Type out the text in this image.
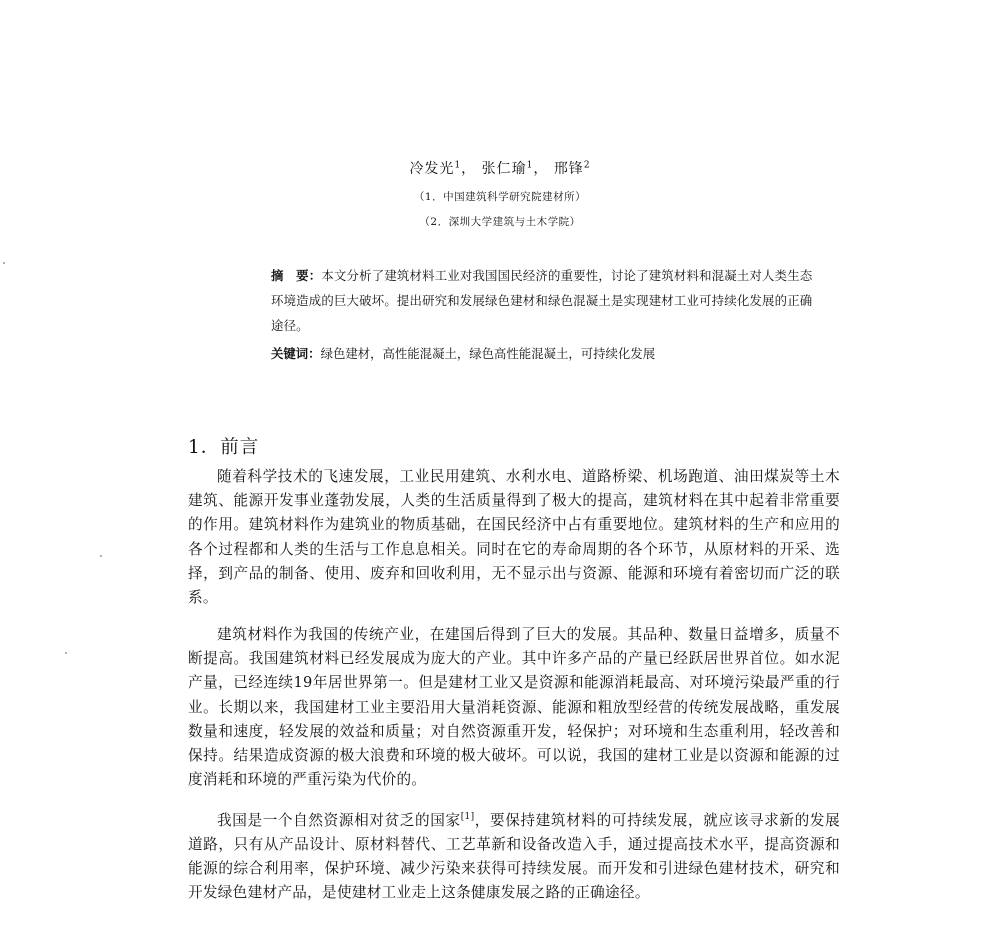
冷发光$^1$， 张仁瑜$^1$， 邢锋$^2$
（1．中国建筑科学研究院建材所）
（2．深圳大学建筑与土木学院）
摘　要：本文分析了建筑材料工业对我国国民经济的重要性，讨论了建筑材料和混凝土对人类生态环境造成的巨大破坏。提出研究和发展绿色建材和绿色混凝土是实现建材工业可持续化发展的正确途径。
关键词：绿色建材，高性能混凝土，绿色高性能混凝土，可持续化发展
1．前言

随着科学技术的飞速发展，工业民用建筑、水利水电、道路桥梁、机场跑道、油田煤炭等土木建筑、能源开发事业蓬勃发展，人类的生活质量得到了极大的提高，建筑材料在其中起着非常重要的作用。建筑材料作为建筑业的物质基础，在国民经济中占有重要地位。建筑材料的生产和应用的各个过程都和人类的生活与工作息息相关。同时在它的寿命周期的各个环节，从原材料的开采、选择，到产品的制备、使用、废弃和回收利用，无不显示出与资源、能源和环境有着密切而广泛的联系。

建筑材料作为我国的传统产业，在建国后得到了巨大的发展。其品种、数量日益增多，质量不断提高。我国建筑材料已经发展成为庞大的产业。其中许多产品的产量已经跃居世界首位。如水泥产量，已经连续19年居世界第一。但是建材工业又是资源和能源消耗最高、对环境污染最严重的行业。长期以来，我国建材工业主要沿用大量消耗资源、能源和粗放型经营的传统发展战略，重发展数量和速度，轻发展的效益和质量；对自然资源重开发，轻保护；对环境和生态重利用，轻改善和保持。结果造成资源的极大浪费和环境的极大破坏。可以说，我国的建材工业是以资源和能源的过度消耗和环境的严重污染为代价的。

我国是一个自然资源相对贫乏的国家[1]，要保持建筑材料的可持续发展，就应该寻求新的发展道路，只有从产品设计、原材料替代、工艺革新和设备改造入手，通过提高技术水平，提高资源和能源的综合利用率，保护环境、减少污染来获得可持续发展。而开发和引进绿色建材技术，研究和开发绿色建材产品，是使建材工业走上这条健康发展之路的正确途径。
